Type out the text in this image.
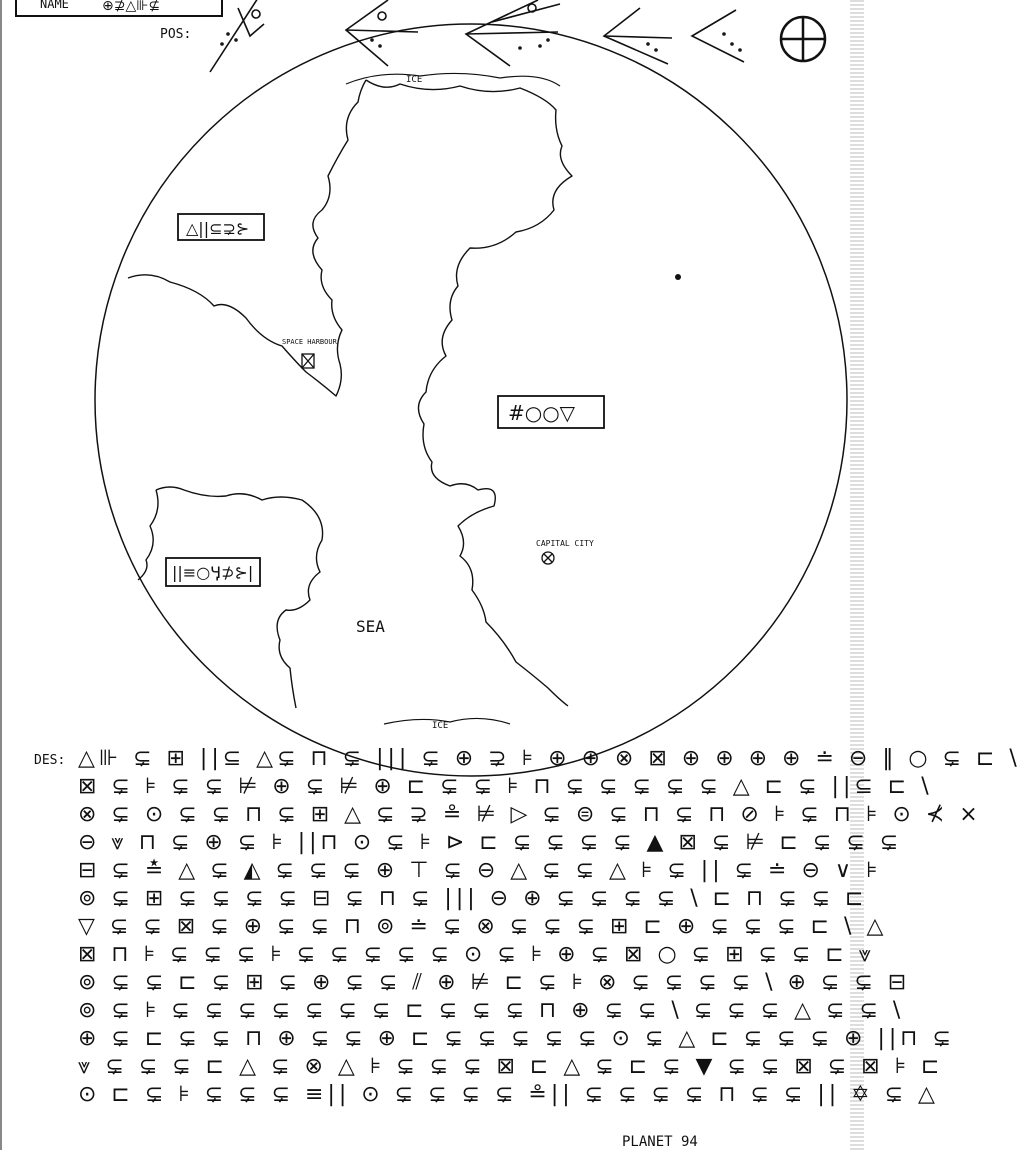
NAME ⊕⊉△⊪⊈
POS:
△||⊆⊋⊱
#○○▽
||≡○Ӌ⊅⊱|
ICE
ICE
SPACE HARBOUR
CAPITAL CITY
SEA
PLANET 94
DES: △⊪ ⊊ ⊞ ||⊆ △⊊ ⊓ ⊊ ||| ⊊ ⊕ ⊋ ⊧ ⊕ ⊕ ⊗ ⊠ ⊕ ⊕ ⊕ ⊕ ≐ ⊖ ‖ ○ ⊊ ⊏ \
⊠ ⊊ ⊧ ⊊ ⊊ ⊭ ⊕ ⊊ ⊭ ⊕ ⊏ ⊊ ⊊ ⊧ ⊓ ⊊ ⊊ ⊊ ⊊ ⊊ △ ⊏ ⊊ ||⊆ ⊏ \
⊗ ⊊ ⊙ ⊊ ⊊ ⊓ ⊊ ⊞ △ ⊊ ⊋ ≗ ⊭ ▷ ⊊ ⊜ ⊊ ⊓ ⊊ ⊓ ⊘ ⊧ ⊊ ⊓ ⊧ ⊙ ⊀ ×
⊖ ⩔ ⊓ ⊊ ⊕ ⊊ ⊧ ||⊓ ⊙ ⊊ ⊧ ⊳ ⊏ ⊊ ⊊ ⊊ ⊊ ▲ ⊠ ⊊ ⊭ ⊏ ⊊ ⊊ ⊊
⊟ ⊊ ≛ △ ⊊ ◭ ⊊ ⊊ ⊊ ⊕ ⊤ ⊊ ⊖ △ ⊊ ⊊ △ ⊧ ⊊ || ⊊ ≐ ⊖ ∨ ⊧
⊚ ⊊ ⊞ ⊊ ⊊ ⊊ ⊊ ⊟ ⊊ ⊓ ⊊ ||| ⊖ ⊕ ⊊ ⊊ ⊊ ⊊ \ ⊏ ⊓ ⊊ ⊊ ⊏
▽ ⊊ ⊊ ⊠ ⊊ ⊕ ⊊ ⊊ ⊓ ⊚ ≐ ⊊ ⊗ ⊊ ⊊ ⊊ ⊞ ⊏ ⊕ ⊊ ⊊ ⊊ ⊏ \ △
⊠ ⊓ ⊧ ⊊ ⊊ ⊊ ⊧ ⊊ ⊊ ⊊ ⊊ ⊊ ⊙ ⊊ ⊧ ⊕ ⊊ ⊠ ○ ⊊ ⊞ ⊊ ⊊ ⊏ ⩔
⊚ ⊊ ⊊ ⊏ ⊊ ⊞ ⊊ ⊕ ⊊ ⊊ ⫽ ⊕ ⊭ ⊏ ⊊ ⊧ ⊗ ⊊ ⊊ ⊊ ⊊ \ ⊕ ⊊ ⊊ ⊟
⊚ ⊊ ⊧ ⊊ ⊊ ⊊ ⊊ ⊊ ⊊ ⊊ ⊏ ⊊ ⊊ ⊊ ⊓ ⊕ ⊊ ⊊ \ ⊊ ⊊ ⊊ △ ⊊ ⊊ \
⊕ ⊊ ⊏ ⊊ ⊊ ⊓ ⊕ ⊊ ⊊ ⊕ ⊏ ⊊ ⊊ ⊊ ⊊ ⊊ ⊙ ⊊ △ ⊏ ⊊ ⊊ ⊊ ⊕ ||⊓ ⊊
⩔ ⊊ ⊊ ⊊ ⊏ △ ⊊ ⊗ △ ⊧ ⊊ ⊊ ⊊ ⊠ ⊏ △ ⊊ ⊏ ⊊ ▼ ⊊ ⊊ ⊠ ⊊ ⊠ ⊧ ⊏
⊙ ⊏ ⊊ ⊧ ⊊ ⊊ ⊊ ≡|| ⊙ ⊊ ⊊ ⊊ ⊊ ≗|| ⊊ ⊊ ⊊ ⊊ ⊓ ⊊ ⊊ || ✡ ⊊ △
